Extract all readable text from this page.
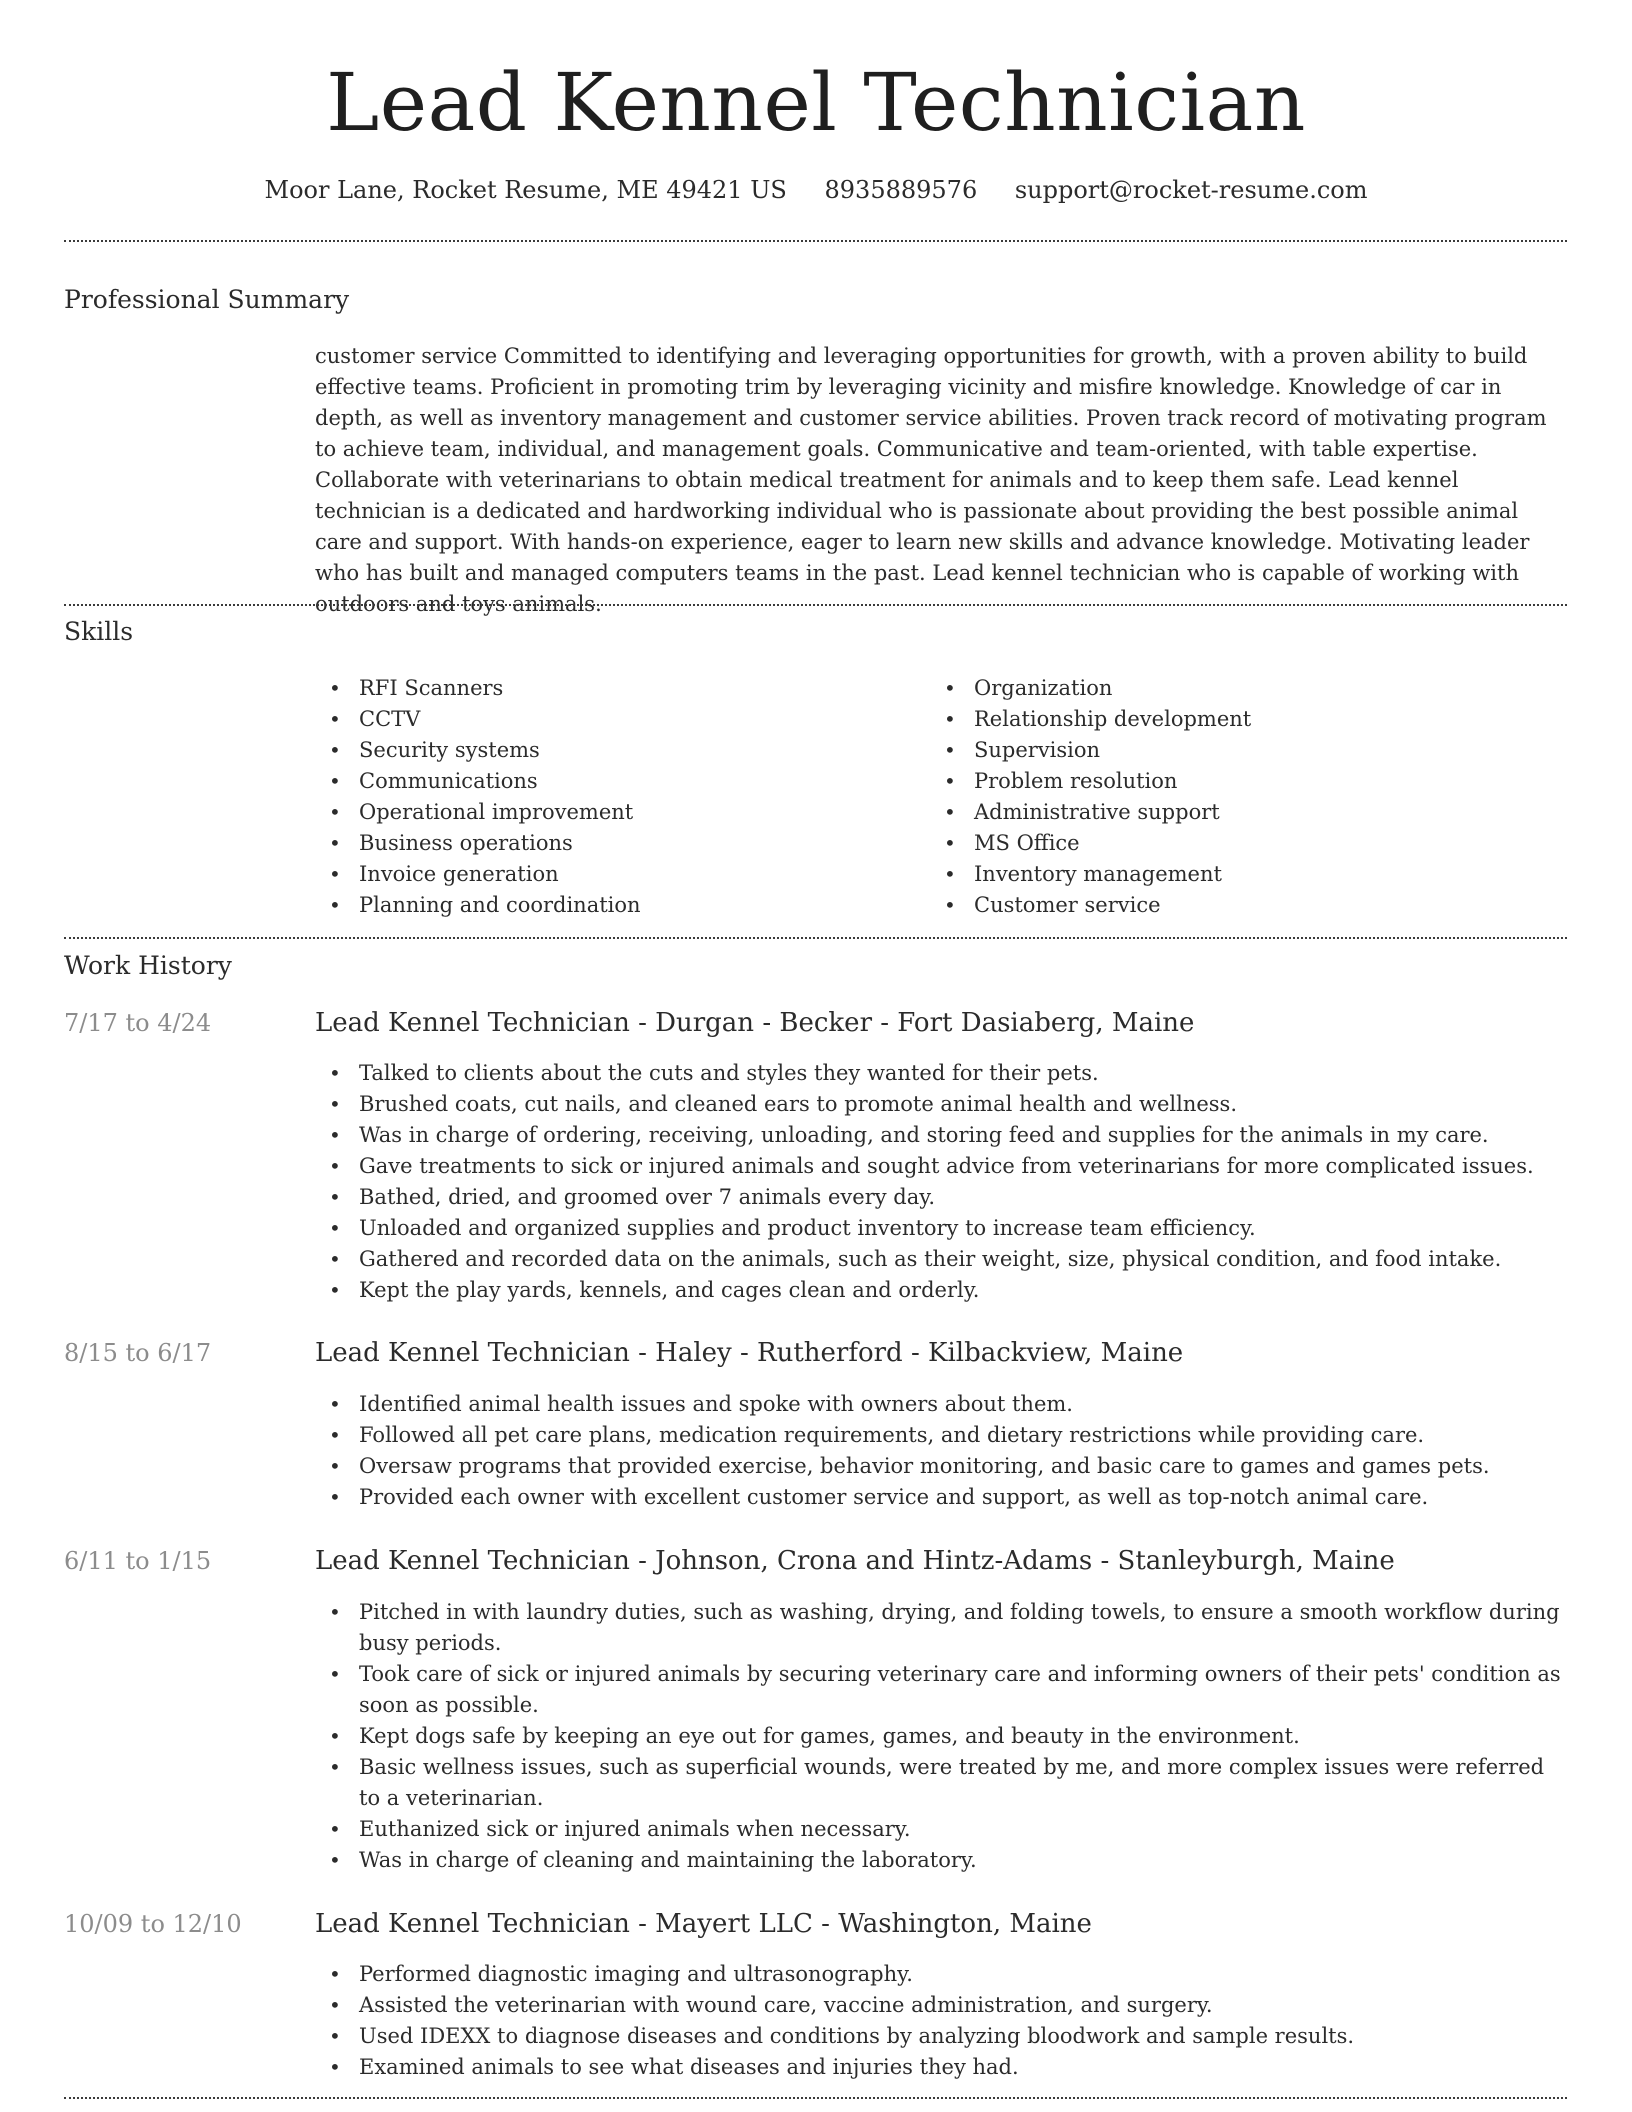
Lead Kennel Technician
Moor Lane, Rocket Resume, ME 49421 US 8935889576 support@rocket-resume.com
Professional Summary

customer service Committed to identifying and leveraging opportunities for growth, with a proven ability to build effective teams. Proficient in promoting trim by leveraging vicinity and misfire knowledge. Knowledge of car in depth, as well as inventory management and customer service abilities. Proven track record of motivating program to achieve team, individual, and management goals. Communicative and team-oriented, with table expertise. Collaborate with veterinarians to obtain medical treatment for animals and to keep them safe. Lead kennel technician is a dedicated and hardworking individual who is passionate about providing the best possible animal care and support. With hands-on experience, eager to learn new skills and advance knowledge. Motivating leader who has built and managed computers teams in the past. Lead kennel technician who is capable of working with outdoors and toys animals.

Skills
• RFI Scanners
• CCTV
• Security systems
• Communications
• Operational improvement
• Business operations
• Invoice generation
• Planning and coordination
• Organization
• Relationship development
• Supervision
• Problem resolution
• Administrative support
• MS Office
• Inventory management
• Customer service
Work History
7/17 to 4/24	Lead Kennel Technician - Durgan - Becker - Fort Dasiaberg, Maine
• Talked to clients about the cuts and styles they wanted for their pets.
• Brushed coats, cut nails, and cleaned ears to promote animal health and wellness.
• Was in charge of ordering, receiving, unloading, and storing feed and supplies for the animals in my care.
• Gave treatments to sick or injured animals and sought advice from veterinarians for more complicated issues.
• Bathed, dried, and groomed over 7 animals every day.
• Unloaded and organized supplies and product inventory to increase team efficiency.
• Gathered and recorded data on the animals, such as their weight, size, physical condition, and food intake.
• Kept the play yards, kennels, and cages clean and orderly.
8/15 to 6/17	Lead Kennel Technician - Haley - Rutherford - Kilbackview, Maine
• Identified animal health issues and spoke with owners about them.
• Followed all pet care plans, medication requirements, and dietary restrictions while providing care.
• Oversaw programs that provided exercise, behavior monitoring, and basic care to games and games pets.
• Provided each owner with excellent customer service and support, as well as top-notch animal care.
6/11 to 1/15	Lead Kennel Technician - Johnson, Crona and Hintz-Adams - Stanleyburgh, Maine
• Pitched in with laundry duties, such as washing, drying, and folding towels, to ensure a smooth workflow during busy periods.
• Took care of sick or injured animals by securing veterinary care and informing owners of their pets' condition as soon as possible.
• Kept dogs safe by keeping an eye out for games, games, and beauty in the environment.
• Basic wellness issues, such as superficial wounds, were treated by me, and more complex issues were referred to a veterinarian.
• Euthanized sick or injured animals when necessary.
• Was in charge of cleaning and maintaining the laboratory.
10/09 to 12/10	Lead Kennel Technician - Mayert LLC - Washington, Maine
• Performed diagnostic imaging and ultrasonography.
• Assisted the veterinarian with wound care, vaccine administration, and surgery.
• Used IDEXX to diagnose diseases and conditions by analyzing bloodwork and sample results.
• Examined animals to see what diseases and injuries they had.
